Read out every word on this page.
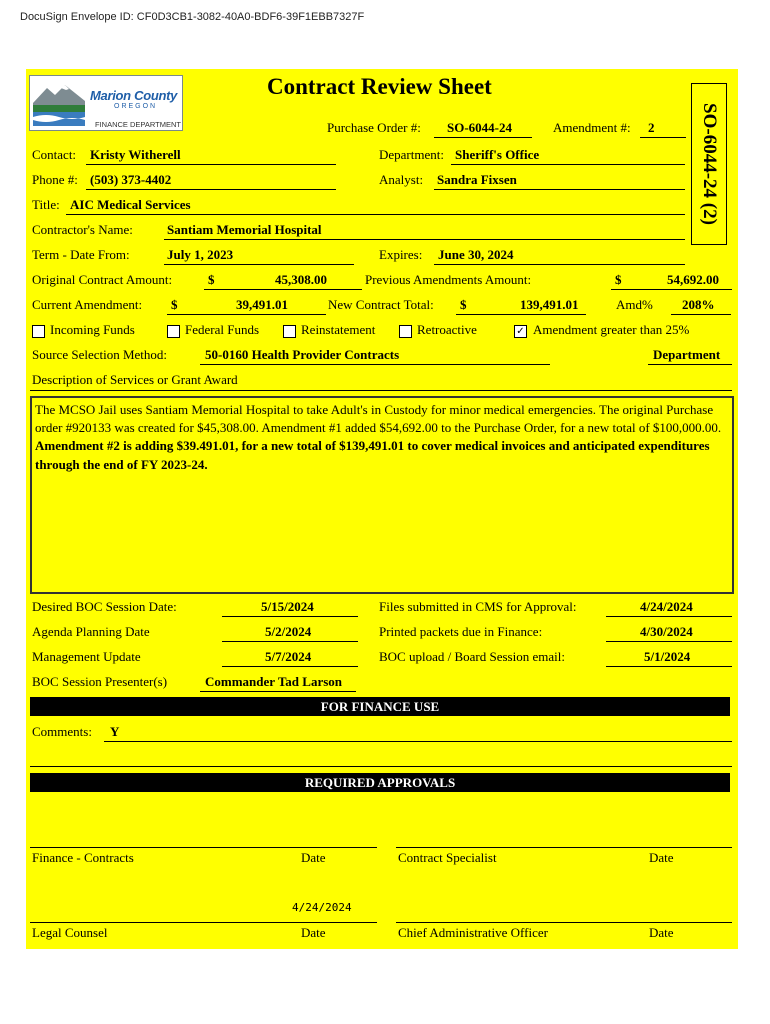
DocuSign Envelope ID: CF0D3CB1-3082-40A0-BDF6-39F1EBB7327F
Marion County
OREGON
FINANCE DEPARTMENT
Contract Review Sheet
SO-6044-24 (2)
Purchase Order #: SO-6044-24	Amendment #: 2
Contact: Kristy Witherell	Department: Sheriff's Office
Phone #: (503) 373-4402	Analyst: Sandra Fixsen
Title: AIC Medical Services
Contractor's Name:	Santiam Memorial Hospital
Term - Date From:	July 1, 2023	Expires: June 30, 2024
Original Contract Amount:	$	45,308.00	Previous Amendments Amount:	$	54,692.00
Current Amendment: $	39,491.01	New Contract Total: $	139,491.01	Amd% 208%
Incoming Funds	Federal Funds	Reinstatement	Retroactive	✓ Amendment greater than 25%
Source Selection Method:	50-0160 Health Provider Contracts	Department
Description of Services or Grant Award
The MCSO Jail uses Santiam Memorial Hospital to take Adult's in Custody for minor medical emergencies. The original Purchase order #920133 was created for $45,308.00. Amendment #1 added $54,692.00 to the Purchase Order, for a new total of $100,000.00. Amendment #2 is adding $39.491.01, for a new total of $139,491.01 to cover medical invoices and anticipated expenditures through the end of FY 2023-24.
Desired BOC Session Date:	5/15/2024	Files submitted in CMS for Approval:	4/24/2024
Agenda Planning Date	5/2/2024	Printed packets due in Finance:	4/30/2024
Management Update	5/7/2024	BOC upload / Board Session email:	5/1/2024
BOC Session Presenter(s)	Commander Tad Larson
FOR FINANCE USE
Comments: Y
REQUIRED APPROVALS
Finance - Contracts	Date	Contract Specialist	Date
4/24/2024
Legal Counsel	Date	Chief Administrative Officer	Date
